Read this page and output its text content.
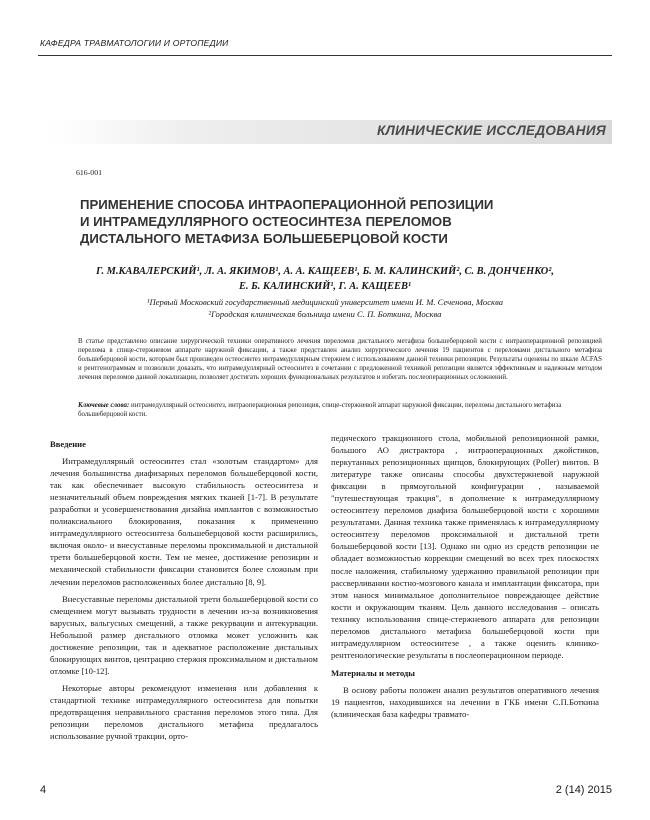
КАФЕДРА ТРАВМАТОЛОГИИ И ОРТОПЕДИИ
КЛИНИЧЕСКИЕ ИССЛЕДОВАНИЯ
616-001
ПРИМЕНЕНИЕ СПОСОБА ИНТРАОПЕРАЦИОННОЙ РЕПОЗИЦИИ
И ИНТРАМЕДУЛЛЯРНОГО ОСТЕОСИНТЕЗА ПЕРЕЛОМОВ
ДИСТАЛЬНОГО МЕТАФИЗА БОЛЬШЕБЕРЦОВОЙ КОСТИ
Г. М.КАВАЛЕРСКИЙ¹, Л. А. ЯКИМОВ¹, А. А. КАЩЕЕВ¹, Б. М. КАЛИНСКИЙ², С. В. ДОНЧЕНКО²,
Е. Б. КАЛИНСКИЙ¹, Г. А. КАЩЕЕВ¹
¹Первый Московский государственный медицинский университет имени И. М. Сеченова, Москва
²Городская клиническая больница имени С. П. Боткина, Москва
В статье представлено описание хирургической техники оперативного лечения переломов дистального метафиза большеберцовой кости с интраоперационной репозицией перелома в спице-стержневом аппарате наружной фиксации, а также представлен анализ хирургического лечения 19 пациентов с переломами дистального метафиза большеберцовой кости, которым был произведен остеосинтез интрамедуллярным стержнем с использованием данной техники репозиции. Результаты оценены по шкале ACFAS и рентгенограммам и позволили доказать, что интрамедуллярный остеосинтез в сочетании с предложенной техникой репозиции является эффективным и надежным методом лечения переломов данной локализации, позволяет достигать хороших функциональных результатов и избегать послеоперационных осложнений.
Ключевые слова: интрамедуллярный остеосинтез, интраоперационная репозиция, спице-стержневой аппарат наружной фиксации, переломы дистального метафиза большеберцовой кости.
Введение

Интрамедуллярный остеосинтез стал «золотым стандартом» для лечения большинства диафизарных переломов большеберцовой кости, так как обеспечивает высокую стабильность остеосинтеза и незначительный объем повреждения мягких тканей [1-7]. В результате разработки и усовершенствования дизайна имплантов с возможностью полиаксиального блокирования, показания к применению интрамедуллярного остеосинтеза большеберцовой кости расширились, включая около- и внесуставные переломы проксимальной и дистальной трети большеберцовой кости. Тем не менее, достижение репозиции и механической стабильности фиксации становится более сложным при лечении переломов расположенных более дистально [8, 9].

Внесуставные переломы дистальной трети большеберцовой кости со смещением могут вызывать трудности в лечении из-за возникновения варусных, вальгусных смещений, а также рекурвации и антекурвации. Небольшой размер дистального отломка может усложнить как достижение репозиции, так и адекватное расположение дистальных блокирующих винтов, центрацию стержня проксимальном и дистальном отломке [10-12].

Некоторые авторы рекомендуют изменения или добавления к стандартной технике интрамедуллярного остеосинтеза для попытки предотвращения неправильного срастания переломов этого типа. Для репозиции переломов дистального метафиза предлагалось использование ручной тракции, орто-

педического тракционного стола, мобильной репозиционной рамки, большого АО дистрактора , интраоперационных джойстиков, перкутанных репозиционных щипцов, блокирующих (Poller) винтов. В литературе также описаны способы двухстержневой наружной фиксации в прямоугольной конфигурации , называемой "путешествующая тракция", в дополнение к интрамедуллярному остеосинтезу переломов диафиза большеберцовой кости с хорошими результатами. Данная техника также применялась к интрамедуллярному остеосинтезу переломов проксимальной и дистальной трети большеберцовой кости [13]. Однако ни одно из средств репозиции не обладает возможностью коррекции смещений во всех трех плоскостях после наложения, стабильному удержанию правильной репозиции при рассверливании костно-мозгового канала и имплантации фиксатора, при этом нанося минимальное дополнительное повреждающее действие кости и окружающим тканям. Цель данного исследования – описать технику использования спице-стержневого аппарата для репозиции переломов дистального метафиза большеберцовой кости при интрамедуллярном остеосинтезе , а также оценить клинико-рентгенологические результаты в послеоперационном периоде.

Материалы и методы

В основу работы положен анализ результатов оперативного лечения 19 пациентов, находившихся на лечении в ГКБ имени С.П.Боткина (клиническая база кафедры травмато-

4	2 (14) 2015
